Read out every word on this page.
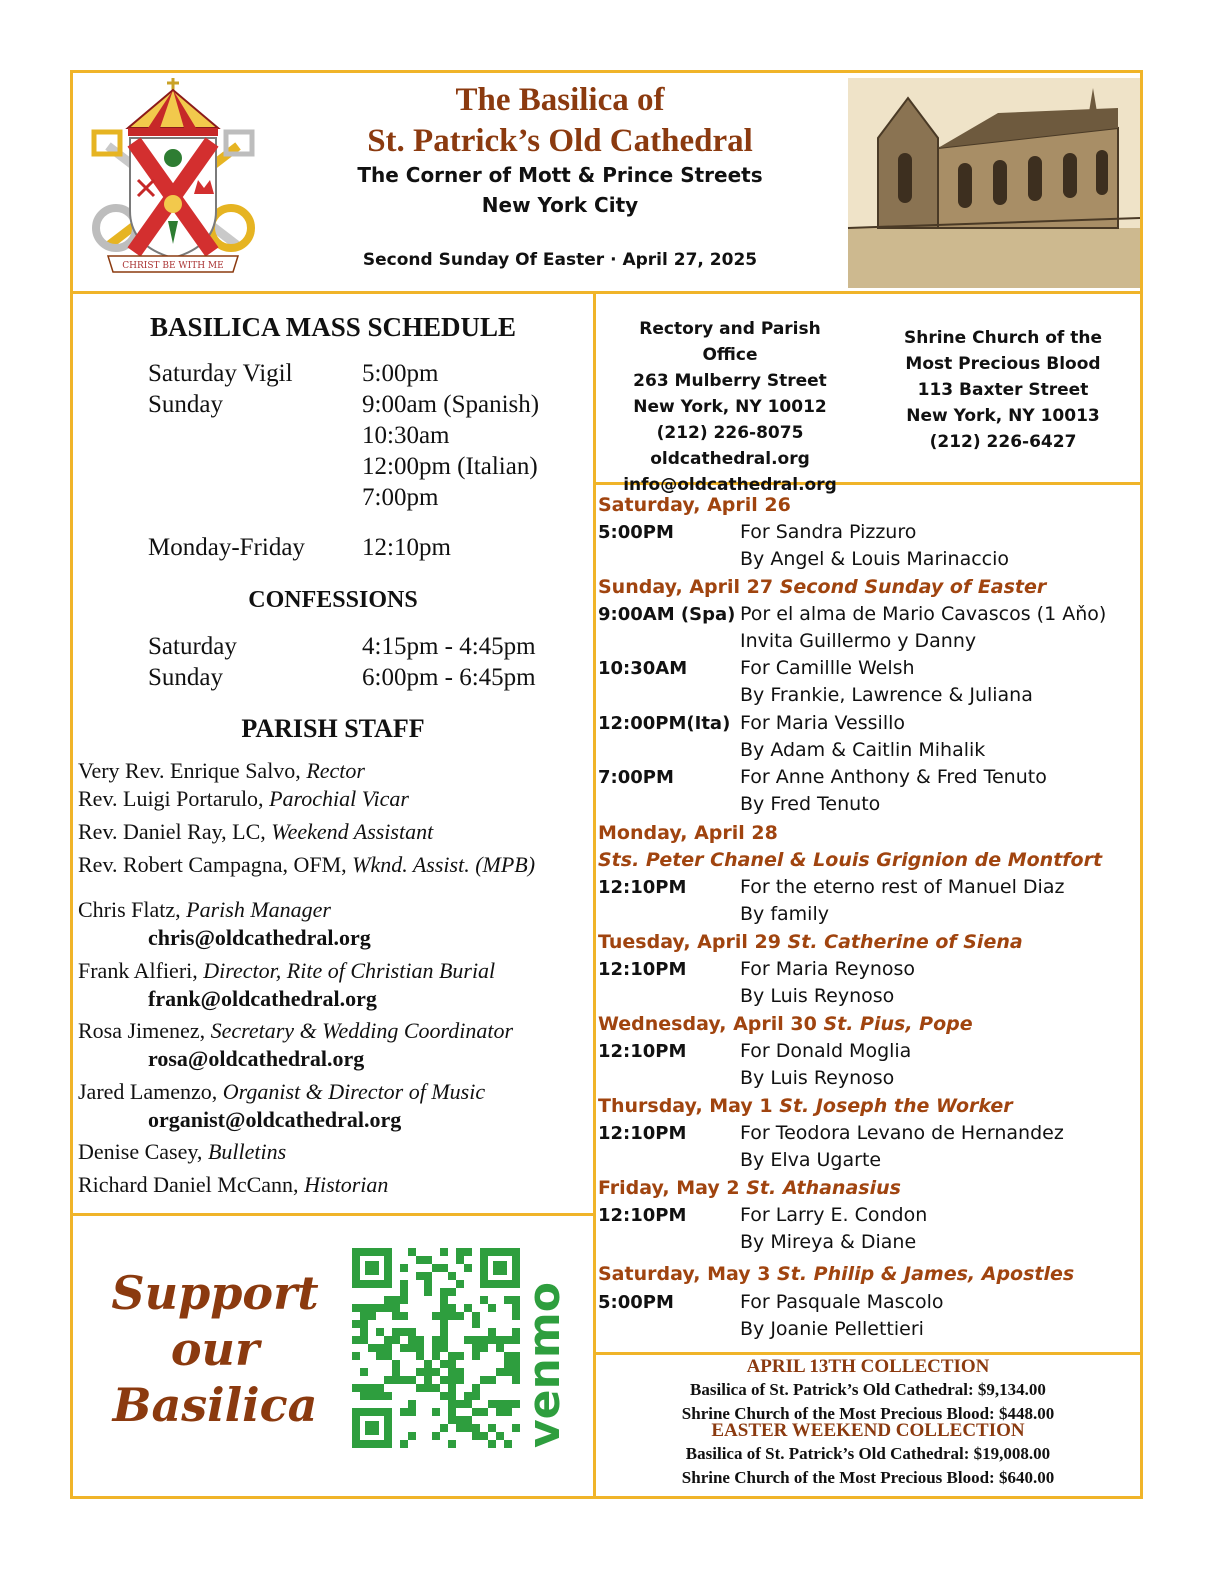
CHRIST BE WITH ME
The Basilica of
St. Patrick’s Old Cathedral
The Corner of Mott & Prince Streets
New York City
Second Sunday Of Easter · April 27, 2025
BASILICA MASS SCHEDULE
Saturday Vigil	5:00pm
Sunday	9:00am (Spanish)
10:30am
12:00pm (Italian)
7:00pm
Monday-Friday 12:10pm
CONFESSIONS
Saturday	4:15pm - 4:45pm
Sunday	6:00pm - 6:45pm
PARISH STAFF
Very Rev. Enrique Salvo, Rector
Rev. Luigi Portarulo, Parochial Vicar
Rev. Daniel Ray, LC, Weekend Assistant
Rev. Robert Campagna, OFM, Wknd. Assist. (MPB)
Chris Flatz, Parish Manager
chris@oldcathedral.org
Frank Alfieri, Director, Rite of Christian Burial
frank@oldcathedral.org
Rosa Jimenez, Secretary & Wedding Coordinator
rosa@oldcathedral.org
Jared Lamenzo, Organist & Director of Music
organist@oldcathedral.org
Denise Casey, Bulletins
Richard Daniel McCann, Historian
Support
our
Basilica	venmo
Rectory and Parish Office
263 Mulberry Street
New York, NY 10012
(212) 226-8075
oldcathedral.org
info@oldcathedral.org
Shrine Church of the
Most Precious Blood
113 Baxter Street
New York, NY 10013
(212) 226-6427
Saturday, April 26
5:00PM	For Sandra Pizzuro
By Angel & Louis Marinaccio
Sunday, April 27 Second Sunday of Easter
9:00AM (Spa) Por el alma de Mario Cavascos (1 Aňo)
Invita Guillermo y Danny
10:30AM	For Camillle Welsh
By Frankie, Lawrence & Juliana
12:00PM(Ita) For Maria Vessillo
By Adam & Caitlin Mihalik
7:00PM	For Anne Anthony & Fred Tenuto
By Fred Tenuto
Monday, April 28
Sts. Peter Chanel & Louis Grignion de Montfort
12:10PM	For the eterno rest of Manuel Diaz
By family
Tuesday, April 29 St. Catherine of Siena
12:10PM	For Maria Reynoso
By Luis Reynoso
Wednesday, April 30 St. Pius, Pope
12:10PM	For Donald Moglia
By Luis Reynoso
Thursday, May 1 St. Joseph the Worker
12:10PM	For Teodora Levano de Hernandez
By Elva Ugarte
Friday, May 2 St. Athanasius
12:10PM	For Larry E. Condon
By Mireya & Diane
Saturday, May 3 St. Philip & James, Apostles
5:00PM	For Pasquale Mascolo
By Joanie Pellettieri
APRIL 13TH COLLECTION
Basilica of St. Patrick’s Old Cathedral: $9,134.00
Shrine Church of the Most Precious Blood: $448.00
EASTER WEEKEND COLLECTION
Basilica of St. Patrick’s Old Cathedral: $19,008.00
Shrine Church of the Most Precious Blood: $640.00
